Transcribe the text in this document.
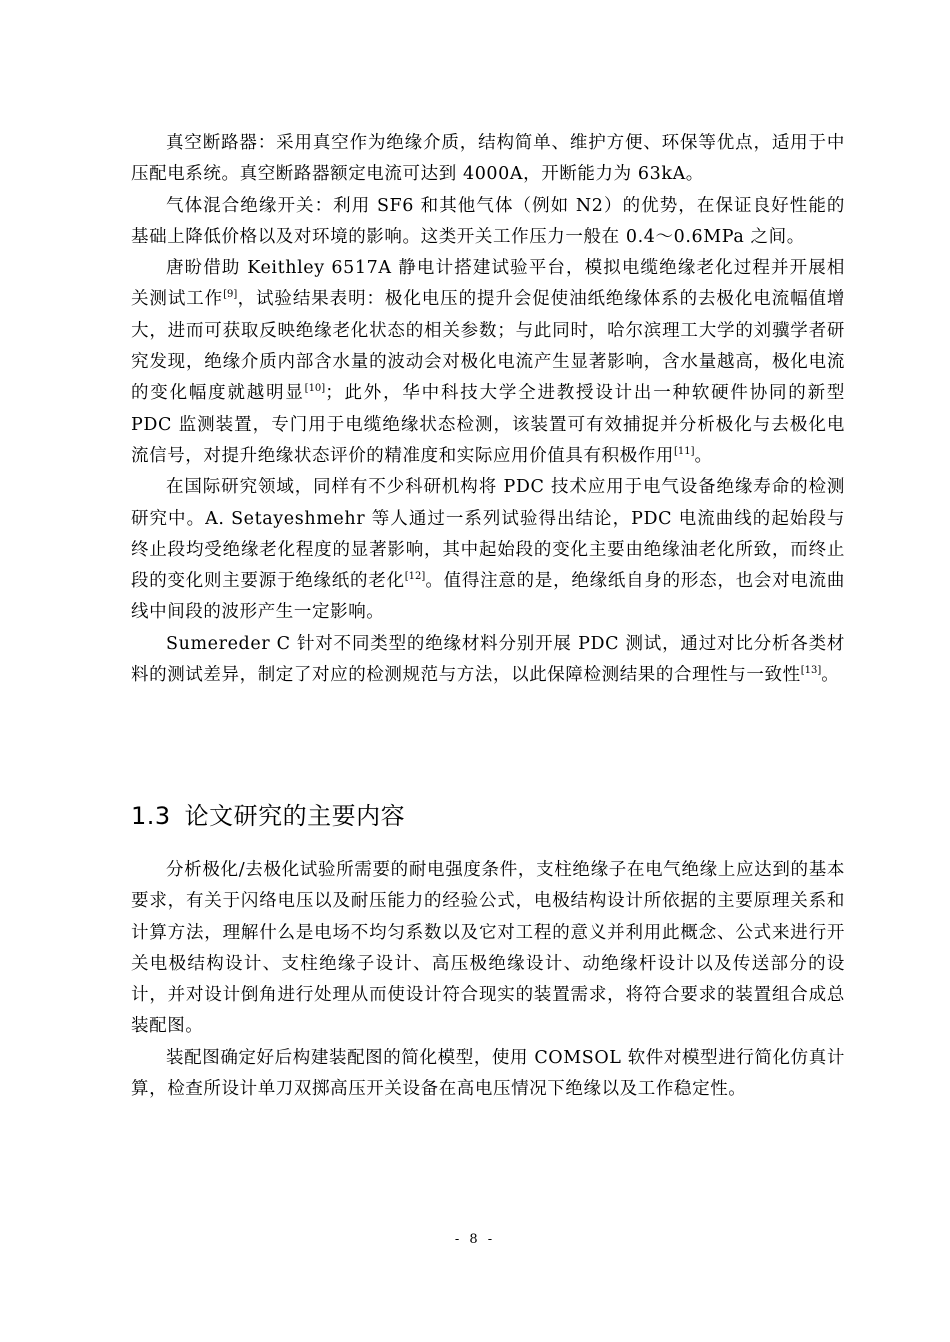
真空断路器：采用真空作为绝缘介质，结构简单、维护方便、环保等优点，适用于中压配电系统。真空断路器额定电流可达到 4000A，开断能力为 63kA。

气体混合绝缘开关：利用 SF6 和其他气体（例如 N2）的优势，在保证良好性能的基础上降低价格以及对环境的影响。这类开关工作压力一般在 0.4～0.6MPa 之间。

唐昐借助 Keithley 6517A 静电计搭建试验平台，模拟电缆绝缘老化过程并开展相关测试工作[9]，试验结果表明：极化电压的提升会促使油纸绝缘体系的去极化电流幅值增大，进而可获取反映绝缘老化状态的相关参数；与此同时，哈尔滨理工大学的刘骥学者研究发现，绝缘介质内部含水量的波动会对极化电流产生显著影响，含水量越高，极化电流的变化幅度就越明显[10]；此外，华中科技大学仝进教授设计出一种软硬件协同的新型 PDC 监测装置，专门用于电缆绝缘状态检测，该装置可有效捕捉并分析极化与去极化电流信号，对提升绝缘状态评价的精准度和实际应用价值具有积极作用[11]。

在国际研究领域，同样有不少科研机构将 PDC 技术应用于电气设备绝缘寿命的检测研究中。A. Setayeshmehr 等人通过一系列试验得出结论，PDC 电流曲线的起始段与终止段均受绝缘老化程度的显著影响，其中起始段的变化主要由绝缘油老化所致，而终止段的变化则主要源于绝缘纸的老化[12]。值得注意的是，绝缘纸自身的形态，也会对电流曲线中间段的波形产生一定影响。

Sumereder C 针对不同类型的绝缘材料分别开展 PDC 测试，通过对比分析各类材料的测试差异，制定了对应的检测规范与方法，以此保障检测结果的合理性与一致性[13]。

1.3 论文研究的主要内容

分析极化/去极化试验所需要的耐电强度条件，支柱绝缘子在电气绝缘上应达到的基本要求，有关于闪络电压以及耐压能力的经验公式，电极结构设计所依据的主要原理关系和计算方法，理解什么是电场不均匀系数以及它对工程的意义并利用此概念、公式来进行开关电极结构设计、支柱绝缘子设计、高压极绝缘设计、动绝缘杆设计以及传送部分的设计，并对设计倒角进行处理从而使设计符合现实的装置需求，将符合要求的装置组合成总装配图。

装配图确定好后构建装配图的简化模型，使用 COMSOL 软件对模型进行简化仿真计算，检查所设计单刀双掷高压开关设备在高电压情况下绝缘以及工作稳定性。

- 8 -
